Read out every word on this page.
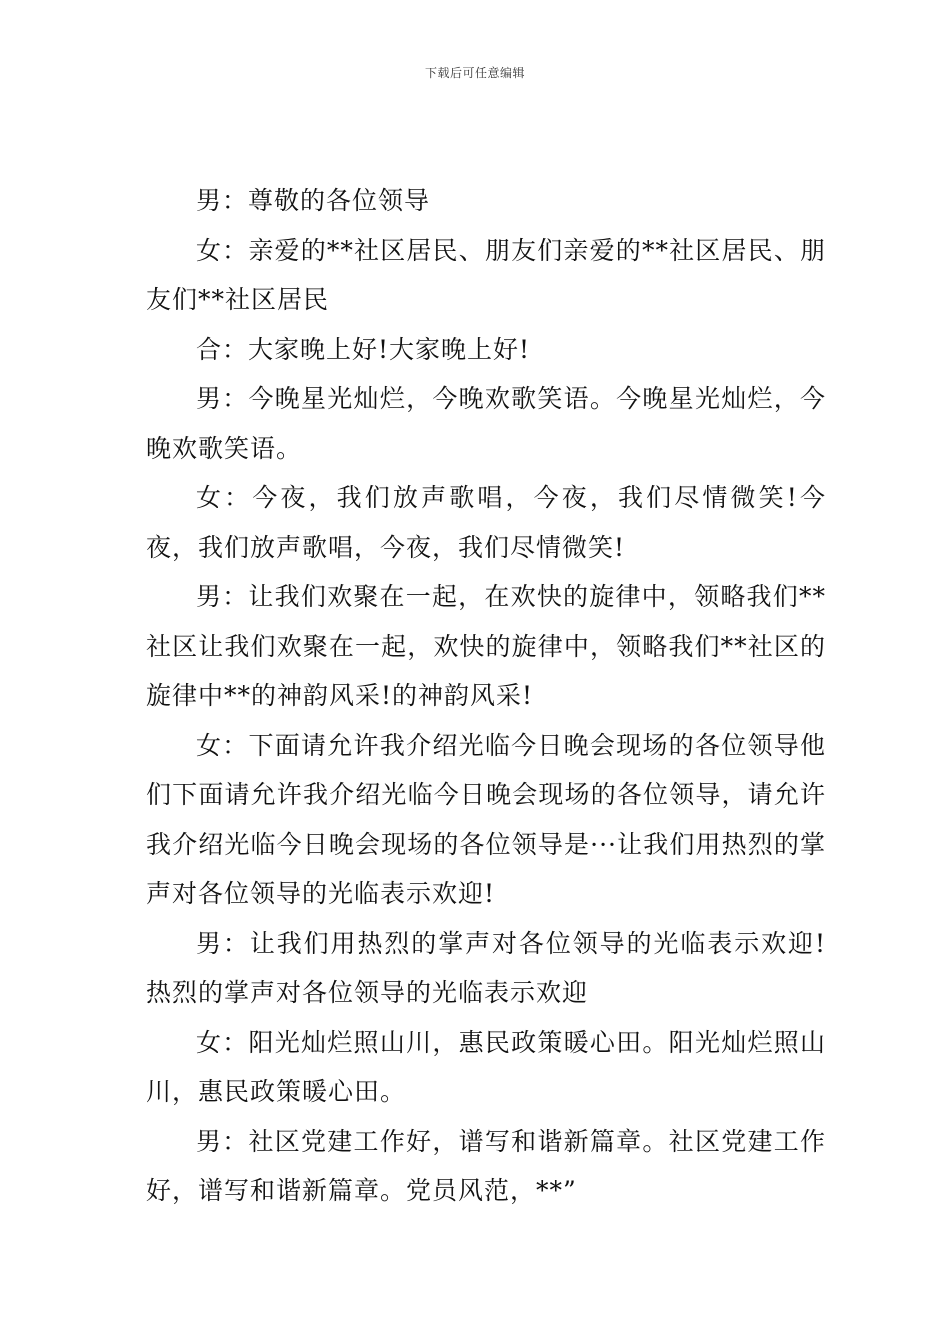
下载后可任意编辑

男：尊敬的各位领导

女：亲爱的**社区居民、朋友们亲爱的**社区居民、朋友们**社区居民

合：大家晚上好!大家晚上好!

男：今晚星光灿烂，今晚欢歌笑语。今晚星光灿烂，今晚欢歌笑语。

女：今夜，我们放声歌唱，今夜，我们尽情微笑!今夜，我们放声歌唱，今夜，我们尽情微笑!

男：让我们欢聚在一起，在欢快的旋律中，领略我们**社区让我们欢聚在一起，欢快的旋律中，领略我们**社区的旋律中**的神韵风采!的神韵风采!

女：下面请允许我介绍光临今日晚会现场的各位领导他们下面请允许我介绍光临今日晚会现场的各位领导，请允许我介绍光临今日晚会现场的各位领导是···让我们用热烈的掌声对各位领导的光临表示欢迎!

男：让我们用热烈的掌声对各位领导的光临表示欢迎!热烈的掌声对各位领导的光临表示欢迎

女：阳光灿烂照山川，惠民政策暖心田。阳光灿烂照山川，惠民政策暖心田。

男：社区党建工作好，谱写和谐新篇章。社区党建工作好，谱写和谐新篇章。党员风范，**”
